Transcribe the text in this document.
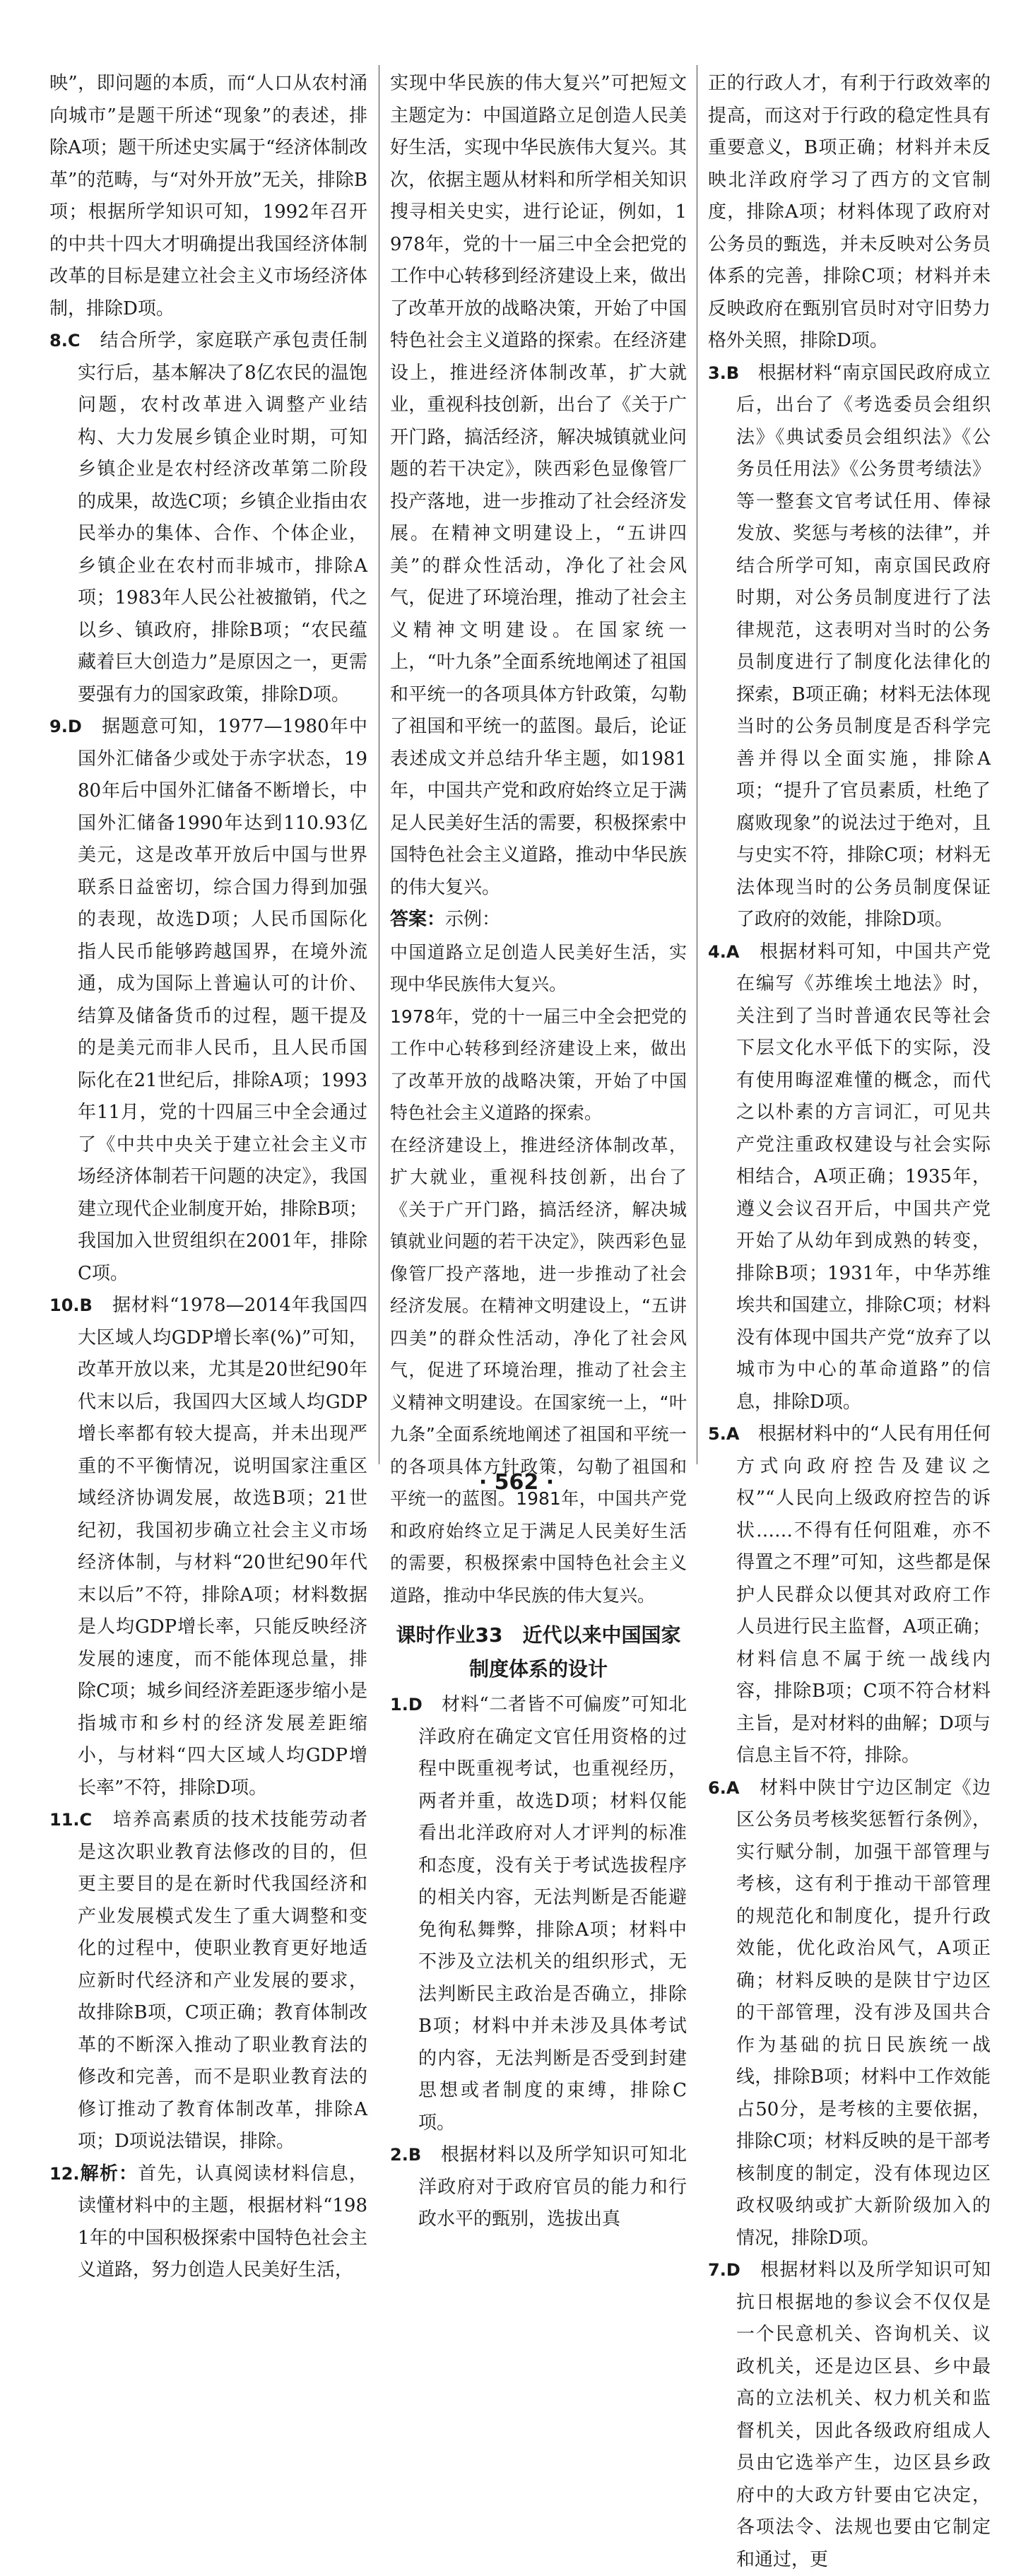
映”，即问题的本质，而“人口从农村涌向城市”是题干所述“现象”的表述，排除A项；题干所述史实属于“经济体制改革”的范畴，与“对外开放”无关，排除B项；根据所学知识可知，1992年召开的中共十四大才明确提出我国经济体制改革的目标是建立社会主义市场经济体制，排除D项。

8.C　 结合所学，家庭联产承包责任制实行后，基本解决了8亿农民的温饱问题，农村改革进入调整产业结构、大力发展乡镇企业时期，可知乡镇企业是农村经济改革第二阶段的成果，故选C项；乡镇企业指由农民举办的集体、合作、个体企业，乡镇企业在农村而非城市，排除A项；1983年人民公社被撤销，代之以乡、镇政府，排除B项；“农民蕴藏着巨大创造力”是原因之一，更需要强有力的国家政策，排除D项。

9.D　 据题意可知，1977—1980年中国外汇储备少或处于赤字状态，1980年后中国外汇储备不断增长，中国外汇储备1990年达到110.93亿美元，这是改革开放后中国与世界联系日益密切，综合国力得到加强的表现，故选D项；人民币国际化指人民币能够跨越国界，在境外流通，成为国际上普遍认可的计价、结算及储备货币的过程，题干提及的是美元而非人民币，且人民币国际化在21世纪后，排除A项；1993年11月，党的十四届三中全会通过了《中共中央关于建立社会主义市场经济体制若干问题的决定》，我国建立现代企业制度开始，排除B项；我国加入世贸组织在2001年，排除C项。

10.B　 据材料“1978—2014年我国四大区域人均GDP增长率(%)”可知，改革开放以来，尤其是20世纪90年代末以后，我国四大区域人均GDP增长率都有较大提高，并未出现严重的不平衡情况，说明国家注重区域经济协调发展，故选B项；21世纪初，我国初步确立社会主义市场经济体制，与材料“20世纪90年代末以后”不符，排除A项；材料数据是人均GDP增长率，只能反映经济发展的速度，而不能体现总量，排除C项；城乡间经济差距逐步缩小是指城市和乡村的经济发展差距缩小，与材料“四大区域人均GDP增长率”不符，排除D项。

11.C　 培养高素质的技术技能劳动者是这次职业教育法修改的目的，但更主要目的是在新时代我国经济和产业发展模式发生了重大调整和变化的过程中，使职业教育更好地适应新时代经济和产业发展的要求，故排除B项，C项正确；教育体制改革的不断深入推动了职业教育法的修改和完善，而不是职业教育法的修订推动了教育体制改革，排除A项；D项说法错误，排除。

12.解析：首先，认真阅读材料信息，读懂材料中的主题，根据材料“1981年的中国积极探索中国特色社会主义道路，努力创造人民美好生活，

实现中华民族的伟大复兴”可把短文主题定为：中国道路立足创造人民美好生活，实现中华民族伟大复兴。其次，依据主题从材料和所学相关知识搜寻相关史实，进行论证，例如，1978年，党的十一届三中全会把党的工作中心转移到经济建设上来，做出了改革开放的战略决策，开始了中国特色社会主义道路的探索。在经济建设上，推进经济体制改革，扩大就业，重视科技创新，出台了《关于广开门路，搞活经济，解决城镇就业问题的若干决定》，陕西彩色显像管厂投产落地，进一步推动了社会经济发展。在精神文明建设上，“五讲四美”的群众性活动，净化了社会风气，促进了环境治理，推动了社会主义精神文明建设。在国家统一上，“叶九条”全面系统地阐述了祖国和平统一的各项具体方针政策，勾勒了祖国和平统一的蓝图。最后，论证表述成文并总结升华主题，如1981年，中国共产党和政府始终立足于满足人民美好生活的需要，积极探索中国特色社会主义道路，推动中华民族的伟大复兴。

答案：示例：

中国道路立足创造人民美好生活，实现中华民族伟大复兴。

1978年，党的十一届三中全会把党的工作中心转移到经济建设上来，做出了改革开放的战略决策，开始了中国特色社会主义道路的探索。

在经济建设上，推进经济体制改革，扩大就业，重视科技创新，出台了《关于广开门路，搞活经济，解决城镇就业问题的若干决定》，陕西彩色显像管厂投产落地，进一步推动了社会经济发展。在精神文明建设上，“五讲四美”的群众性活动，净化了社会风气，促进了环境治理，推动了社会主义精神文明建设。在国家统一上，“叶九条”全面系统地阐述了祖国和平统一的各项具体方针政策，勾勒了祖国和平统一的蓝图。1981年，中国共产党和政府始终立足于满足人民美好生活的需要，积极探索中国特色社会主义道路，推动中华民族的伟大复兴。

课时作业33　近代以来中国国家
制度体系的设计

1.D　 材料“二者皆不可偏废”可知北洋政府在确定文官任用资格的过程中既重视考试，也重视经历，两者并重，故选D项；材料仅能看出北洋政府对人才评判的标准和态度，没有关于考试选拔程序的相关内容，无法判断是否能避免徇私舞弊，排除A项；材料中不涉及立法机关的组织形式，无法判断民主政治是否确立，排除B项；材料中并未涉及具体考试的内容，无法判断是否受到封建思想或者制度的束缚，排除C项。

2.B　 根据材料以及所学知识可知北洋政府对于政府官员的能力和行政水平的甄别，选拔出真

正的行政人才，有利于行政效率的提高，而这对于行政的稳定性具有重要意义，B项正确；材料并未反映北洋政府学习了西方的文官制度，排除A项；材料体现了政府对公务员的甄选，并未反映对公务员体系的完善，排除C项；材料并未反映政府在甄别官员时对守旧势力格外关照，排除D项。

3.B　 根据材料“南京国民政府成立后，出台了《考选委员会组织法》《典试委员会组织法》《公务员任用法》《公务贯考绩法》等一整套文官考试任用、俸禄发放、奖惩与考核的法律”，并结合所学可知，南京国民政府时期，对公务员制度进行了法律规范，这表明对当时的公务员制度进行了制度化法律化的探索，B项正确；材料无法体现当时的公务员制度是否科学完善并得以全面实施，排除A项；“提升了官员素质，杜绝了腐败现象”的说法过于绝对，且与史实不符，排除C项；材料无法体现当时的公务员制度保证了政府的效能，排除D项。

4.A　 根据材料可知，中国共产党在编写《苏维埃土地法》时，关注到了当时普通农民等社会下层文化水平低下的实际，没有使用晦涩难懂的概念，而代之以朴素的方言词汇，可见共产党注重政权建设与社会实际相结合，A项正确；1935年，遵义会议召开后，中国共产党开始了从幼年到成熟的转变，排除B项；1931年，中华苏维埃共和国建立，排除C项；材料没有体现中国共产党“放弃了以城市为中心的革命道路”的信息，排除D项。

5.A　 根据材料中的“人民有用任何方式向政府控告及建议之权”“人民向上级政府控告的诉状……不得有任何阻难，亦不得置之不理”可知，这些都是保护人民群众以便其对政府工作人员进行民主监督，A项正确；材料信息不属于统一战线内容，排除B项；C项不符合材料主旨，是对材料的曲解；D项与信息主旨不符，排除。

6.A　 材料中陕甘宁边区制定《边区公务员考核奖惩暂行条例》，实行赋分制，加强干部管理与考核，这有利于推动干部管理的规范化和制度化，提升行政效能，优化政治风气，A项正确；材料反映的是陕甘宁边区的干部管理，没有涉及国共合作为基础的抗日民族统一战线，排除B项；材料中工作效能占50分，是考核的主要依据，排除C项；材料反映的是干部考核制度的制定，没有体现边区政权吸纳或扩大新阶级加入的情况，排除D项。

7.D　 根据材料以及所学知识可知抗日根据地的参议会不仅仅是一个民意机关、咨询机关、议政机关，还是边区县、乡中最高的立法机关、权力机关和监督机关，因此各级政府组成人员由它选举产生，边区县乡政府中的大政方针要由它决定，各项法令、法规也要由它制定和通过，更

· 562 ·
